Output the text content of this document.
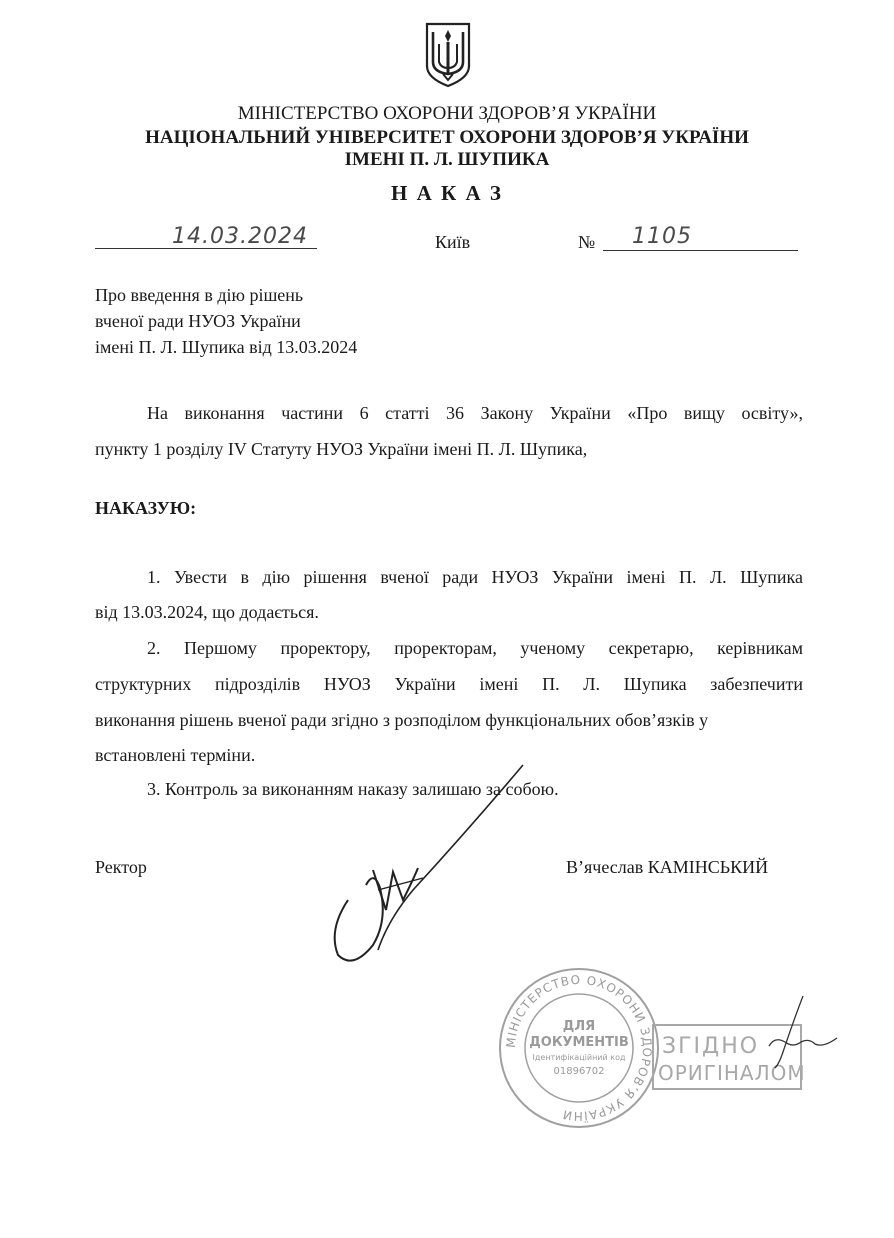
МІНІСТЕРСТВО ОХОРОНИ ЗДОРОВ’Я УКРАЇНИ
НАЦІОНАЛЬНИЙ УНІВЕРСИТЕТ ОХОРОНИ ЗДОРОВ’Я УКРАЇНИ
ІМЕНІ П. Л. ШУПИКА
Н А К А З
14.03.2024	Київ	№ 1105
Про введення в дію рішень
вченої ради НУОЗ України
імені П. Л. Шупика від 13.03.2024
На виконання частини 6 статті 36 Закону України «Про вищу освіту»,
пункту 1 розділу IV Статуту НУОЗ України імені П. Л. Шупика,
НАКАЗУЮ:
1. Увести в дію рішення вченої ради НУОЗ України імені П. Л. Шупика
від 13.03.2024, що додається.
2. Першому проректору, проректорам, ученому секретарю, керівникам
структурних підрозділів НУОЗ України імені П. Л. Шупика забезпечити
виконання рішень вченої ради згідно з розподілом функціональних обов’язків у
встановлені терміни.
3. Контроль за виконанням наказу залишаю за собою.
Ректор	В’ячеслав КАМІНСЬКИЙ
МІНІСТЕРСТВО ОХОРОНИ ЗДОРОВ’Я УКРАЇНИ
ДЛЯ
ДОКУМЕНТІВ
Ідентифікаційний код
01896702
ЗГІДНО
ОРИГІНАЛОМ
